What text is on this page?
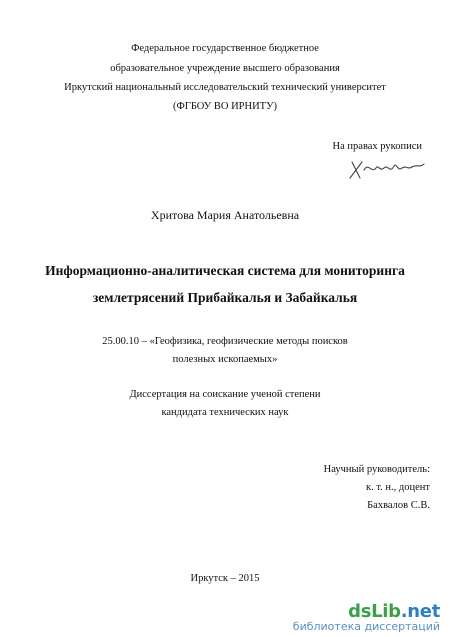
Федеральное государственное бюджетное
образовательное учреждение высшего образования
Иркутский национальный исследовательский технический университет
(ФГБОУ ВО ИРНИТУ)
На правах рукописи
Хритова Мария Анатольевна
Информационно-аналитическая система для мониторинга
землетрясений Прибайкалья и Забайкалья
25.00.10 – «Геофизика, геофизические методы поисков
полезных ископаемых»
Диссертация на соискание ученой степени
кандидата технических наук
Научный руководитель:
к. т. н., доцент
Бахвалов С.В.
Иркутск – 2015
dsLib.net
библиотека диссертаций
